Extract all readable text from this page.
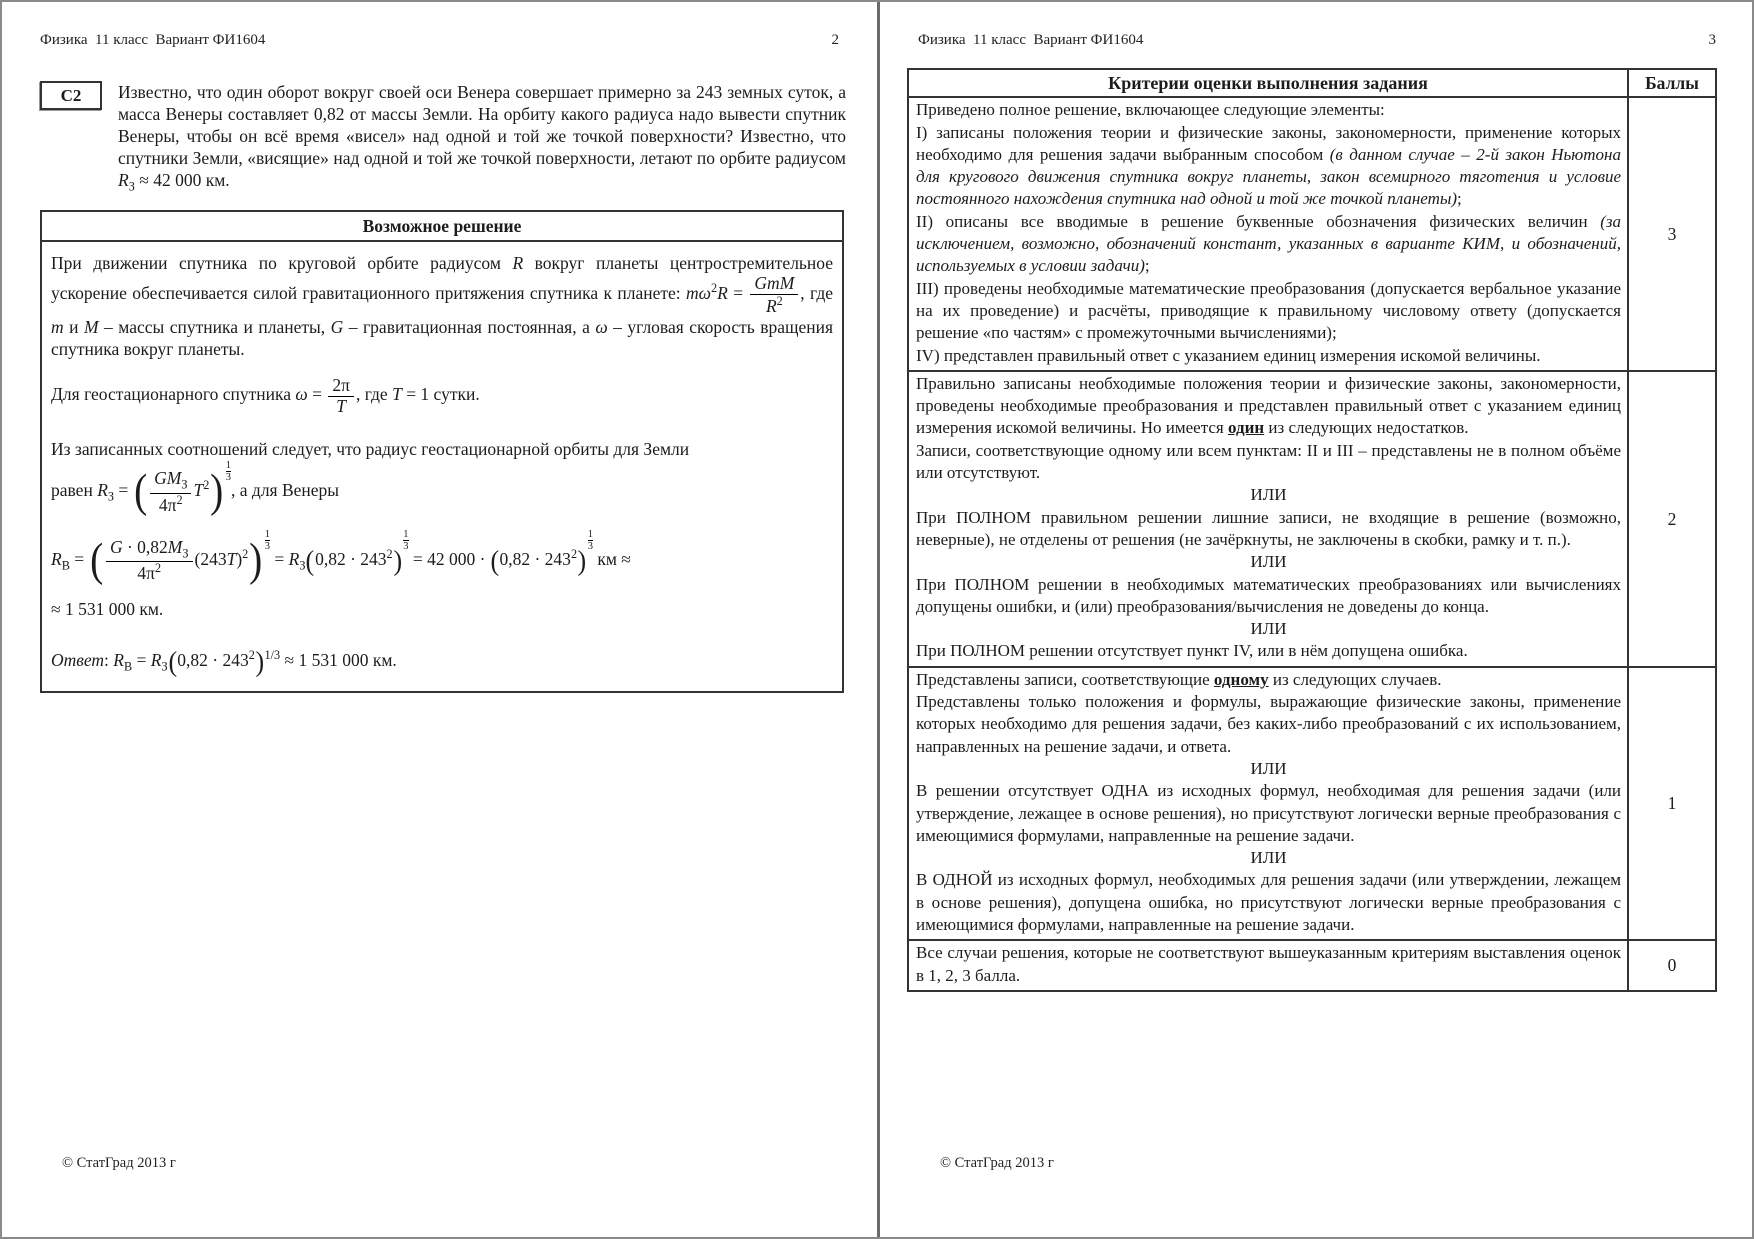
Физика  11 класс  Вариант ФИ1604	2
С2	Известно, что один оборот вокруг своей оси Венера совершает примерно за 243 земных суток, а масса Венеры составляет 0,82 от массы Земли. На орбиту какого радиуса надо вывести спутник Венеры, чтобы он всё время «висел» над одной и той же точкой поверхности? Известно, что спутники Земли, «висящие» над одной и той же точкой поверхности, летают по орбите радиусом $R_З \approx 42$ 000 км.
Возможное решение

При движении спутника по круговой орбите радиусом R вокруг планеты центростремительное ускорение обеспечивается силой гравитационного притяжения спутника к планете: $m\omega^2R = \frac{\text{GmM}}{R^2}$ , где m и M – массы спутника и планеты, G – гравитационная постоянная, а ω – угловая скорость вращения спутника вокруг планеты.

Для геостационарного спутника $\omega = \frac{2\pi}{T}$ , где T = 1 сутки.

Из записанных соотношений следует, что радиус геостационарной орбиты для Земли

равен $R_З$ = ( $\frac{GM_З}{4\pi^2} T^2) \frac{1}{3}$
, а для Венеры

$R_В$ = ( $\frac{G \cdot 0,82M_З}{4\pi^2} (243T)^2) \frac{1}{3}$
= $R_З(0,82 \cdot 243^2)$
$\frac{1}{3}$
= 42 $000 \cdot (0,82 \cdot 243^2)$
$\frac{1}{3}$
км ≈

≈ 1 531 000 км.

Ответ: $R_В = R_З(0,82 \cdot 243^2)^{1/3} \approx 1$ 531 000 км.

© СтатГрад 2013 г
Физика  11 класс  Вариант ФИ1604	3
Критерии оценки выполнения задания	Баллы

Приведено полное решение, включающее следующие элементы:

I) записаны положения теории и физические законы, закономерности, применение которых необходимо для решения задачи выбранным способом (в данном случае – 2-й закон Ньютона для кругового движения спутника вокруг планеты, закон всемирного тяготения и условие постоянного нахождения спутника над одной и той же точкой планеты);

II) описаны все вводимые в решение буквенные обозначения физических величин (за исключением, возможно, обозначений констант, указанных в варианте КИМ, и обозначений, используемых в условии задачи);

III) проведены необходимые математические преобразования (допускается вербальное указание на их проведение) и расчёты, приводящие к правильному числовому ответу (допускается решение «по частям» с промежуточными вычислениями);

IV) представлен правильный ответ с указанием единиц измерения искомой величины.	3

Правильно записаны необходимые положения теории и физические законы, закономерности, проведены необходимые преобразования и представлен правильный ответ с указанием единиц измерения искомой величины. Но имеется один из следующих недостатков.

Записи, соответствующие одному или всем пунктам: II и III – представлены не в полном объёме или отсутствуют.

ИЛИ

При ПОЛНОМ правильном решении лишние записи, не входящие в решение (возможно, неверные), не отделены от решения (не зачёркнуты, не заключены в скобки, рамку и т. п.).

ИЛИ

При ПОЛНОМ решении в необходимых математических преобразованиях или вычислениях допущены ошибки, и (или) преобразования/вычисления не доведены до конца.

ИЛИ

При ПОЛНОМ решении отсутствует пункт IV, или в нём допущена ошибка.

	2

Представлены записи, соответствующие одному из следующих случаев.

Представлены только положения и формулы, выражающие физические законы, применение которых необходимо для решения задачи, без каких-либо преобразований с их использованием, направленных на решение задачи, и ответа.

ИЛИ

В решении отсутствует ОДНА из исходных формул, необходимая для решения задачи (или утверждение, лежащее в основе решения), но присутствуют логически верные преобразования с имеющимися формулами, направленные на решение задачи.

ИЛИ

В ОДНОЙ из исходных формул, необходимых для решения задачи (или утверждении, лежащем в основе решения), допущена ошибка, но присутствуют логически верные преобразования с имеющимися формулами, направленные на решение задачи.

	1

Все случаи решения, которые не соответствуют вышеуказанным критериям выставления оценок в 1, 2, 3 балла.	0
© СтатГрад 2013 г
